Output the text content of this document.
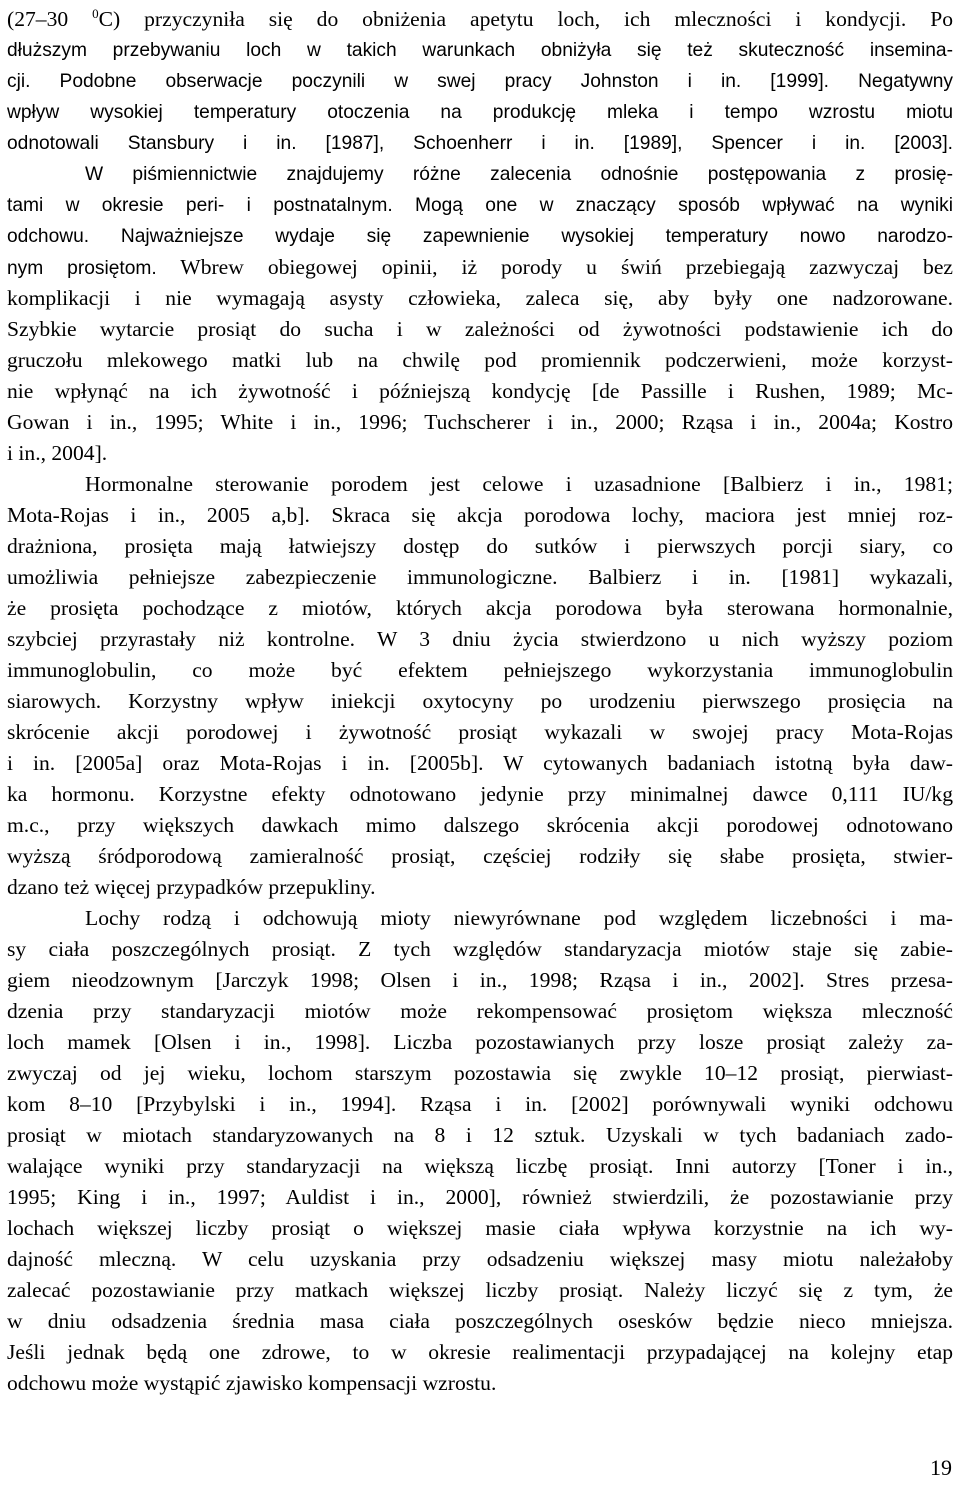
(27–30 $^0$C) przyczyniła się do obniżenia apetytu loch, ich mleczności i kondycji. Po
dłuższym przebywaniu loch w takich warunkach obniżyła się też skuteczność insemina-
cji. Podobne obserwacje poczynili w swej pracy Johnston i in. [1999]. Negatywny
wpływ wysokiej temperatury otoczenia na produkcję mleka i tempo wzrostu miotu
odnotowali Stansbury i in. [1987], Schoenherr i in. [1989], Spencer i in. [2003].
W piśmiennictwie znajdujemy różne zalecenia odnośnie postępowania z prosię-
tami w okresie peri- i postnatalnym. Mogą one w znaczący sposób wpływać na wyniki
odchowu. Najważniejsze wydaje się zapewnienie wysokiej temperatury nowo narodzo-
nym prosiętom. Wbrew obiegowej opinii, iż porody u świń przebiegają zazwyczaj bez
komplikacji i nie wymagają asysty człowieka, zaleca się, aby były one nadzorowane.
Szybkie wytarcie prosiąt do sucha i w zależności od żywotności podstawienie ich do
gruczołu mlekowego matki lub na chwilę pod promiennik podczerwieni, może korzyst-
nie wpłynąć na ich żywotność i późniejszą kondycję [de Passille i Rushen, 1989; Mc-
Gowan i in., 1995; White i in., 1996; Tuchscherer i in., 2000; Rząsa i in., 2004a; Kostro
i in., 2004].
Hormonalne sterowanie porodem jest celowe i uzasadnione [Balbierz i in., 1981;
Mota-Rojas i in., 2005 a,b]. Skraca się akcja porodowa lochy, maciora jest mniej roz-
drażniona, prosięta mają łatwiejszy dostęp do sutków i pierwszych porcji siary, co
umożliwia pełniejsze zabezpieczenie immunologiczne. Balbierz i in. [1981] wykazali,
że prosięta pochodzące z miotów, których akcja porodowa była sterowana hormonalnie,
szybciej przyrastały niż kontrolne. W 3 dniu życia stwierdzono u nich wyższy poziom
immunoglobulin, co może być efektem pełniejszego wykorzystania immunoglobulin
siarowych. Korzystny wpływ iniekcji oxytocyny po urodzeniu pierwszego prosięcia na
skrócenie akcji porodowej i żywotność prosiąt wykazali w swojej pracy Mota-Rojas
i in. [2005a] oraz Mota-Rojas i in. [2005b]. W cytowanych badaniach istotną była daw-
ka hormonu. Korzystne efekty odnotowano jedynie przy minimalnej dawce 0,111 IU/kg
m.c., przy większych dawkach mimo dalszego skrócenia akcji porodowej odnotowano
wyższą śródporodową zamieralność prosiąt, częściej rodziły się słabe prosięta, stwier-
dzano też więcej przypadków przepukliny.
Lochy rodzą i odchowują mioty niewyrównane pod względem liczebności i ma-
sy ciała poszczególnych prosiąt. Z tych względów standaryzacja miotów staje się zabie-
giem nieodzownym [Jarczyk 1998; Olsen i in., 1998; Rząsa i in., 2002]. Stres przesa-
dzenia przy standaryzacji miotów może rekompensować prosiętom większa mleczność
loch mamek [Olsen i in., 1998]. Liczba pozostawianych przy losze prosiąt zależy za-
zwyczaj od jej wieku, lochom starszym pozostawia się zwykle 10–12 prosiąt, pierwiast-
kom 8–10 [Przybylski i in., 1994]. Rząsa i in. [2002] porównywali wyniki odchowu
prosiąt w miotach standaryzowanych na 8 i 12 sztuk. Uzyskali w tych badaniach zado-
walające wyniki przy standaryzacji na większą liczbę prosiąt. Inni autorzy [Toner i in.,
1995; King i in., 1997; Auldist i in., 2000], również stwierdzili, że pozostawianie przy
lochach większej liczby prosiąt o większej masie ciała wpływa korzystnie na ich wy-
dajność mleczną. W celu uzyskania przy odsadzeniu większej masy miotu należałoby
zalecać pozostawianie przy matkach większej liczby prosiąt. Należy liczyć się z tym, że
w dniu odsadzenia średnia masa ciała poszczególnych osesków będzie nieco mniejsza.
Jeśli jednak będą one zdrowe, to w okresie realimentacji przypadającej na kolejny etap
odchowu może wystąpić zjawisko kompensacji wzrostu.
19
